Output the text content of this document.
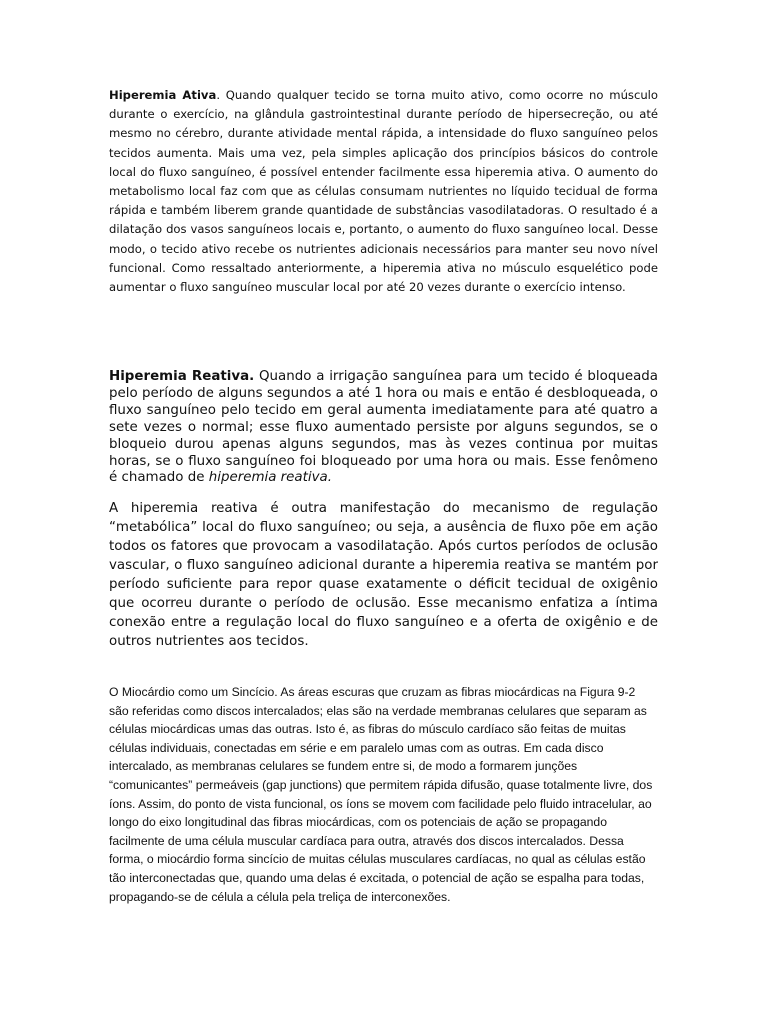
Hiperemia Ativa. Quando qualquer tecido se torna muito ativo, como ocorre no músculo durante o exercício, na glândula gastrointestinal durante período de hipersecreção, ou até mesmo no cérebro, durante atividade mental rápida, a intensidade do fluxo sanguíneo pelos tecidos aumenta. Mais uma vez, pela simples aplicação dos princípios básicos do controle local do fluxo sanguíneo, é possível entender facilmente essa hiperemia ativa. O aumento do metabolismo local faz com que as células consumam nutrientes no líquido tecidual de forma rápida e também liberem grande quantidade de substâncias vasodilatadoras. O resultado é a dilatação dos vasos sanguíneos locais e, portanto, o aumento do fluxo sanguíneo local. Desse modo, o tecido ativo recebe os nutrientes adicionais necessários para manter seu novo nível funcional. Como ressaltado anteriormente, a hiperemia ativa no músculo esquelético pode aumentar o fluxo sanguíneo muscular local por até 20 vezes durante o exercício intenso.

Hiperemia Reativa. Quando a irrigação sanguínea para um tecido é bloqueada pelo período de alguns segundos a até 1 hora ou mais e então é desbloqueada, o fluxo sanguíneo pelo tecido em geral aumenta imediatamente para até quatro a sete vezes o normal; esse fluxo aumentado persiste por alguns segundos, se o bloqueio durou apenas alguns segundos, mas às vezes continua por muitas horas, se o fluxo sanguíneo foi bloqueado por uma hora ou mais. Esse fenômeno é chamado de hiperemia reativa.

A hiperemia reativa é outra manifestação do mecanismo de regulação “metabólica” local do fluxo sanguíneo; ou seja, a ausência de fluxo põe em ação todos os fatores que provocam a vasodilatação. Após curtos períodos de oclusão vascular, o fluxo sanguíneo adicional durante a hiperemia reativa se mantém por período suficiente para repor quase exatamente o déficit tecidual de oxigênio que ocorreu durante o período de oclusão. Esse mecanismo enfatiza a íntima conexão entre a regulação local do fluxo sanguíneo e a oferta de oxigênio e de outros nutrientes aos tecidos.

O Miocárdio como um Sincício. As áreas escuras que cruzam as fibras miocárdicas na Figura 9-2 são referidas como discos intercalados; elas são na verdade membranas celulares que separam as células miocárdicas umas das outras. Isto é, as fibras do músculo cardíaco são feitas de muitas células individuais, conectadas em série e em paralelo umas com as outras. Em cada disco intercalado, as membranas celulares se fundem entre si, de modo a formarem junções “comunicantes” permeáveis (gap junctions) que permitem rápida difusão, quase totalmente livre, dos íons. Assim, do ponto de vista funcional, os íons se movem com facilidade pelo fluido intracelular, ao longo do eixo longitudinal das fibras miocárdicas, com os potenciais de ação se propagando facilmente de uma célula muscular cardíaca para outra, através dos discos intercalados. Dessa forma, o miocárdio forma sincício de muitas células musculares cardíacas, no qual as células estão tão interconectadas que, quando uma delas é excitada, o potencial de ação se espalha para todas, propagando-se de célula a célula pela treliça de interconexões.
